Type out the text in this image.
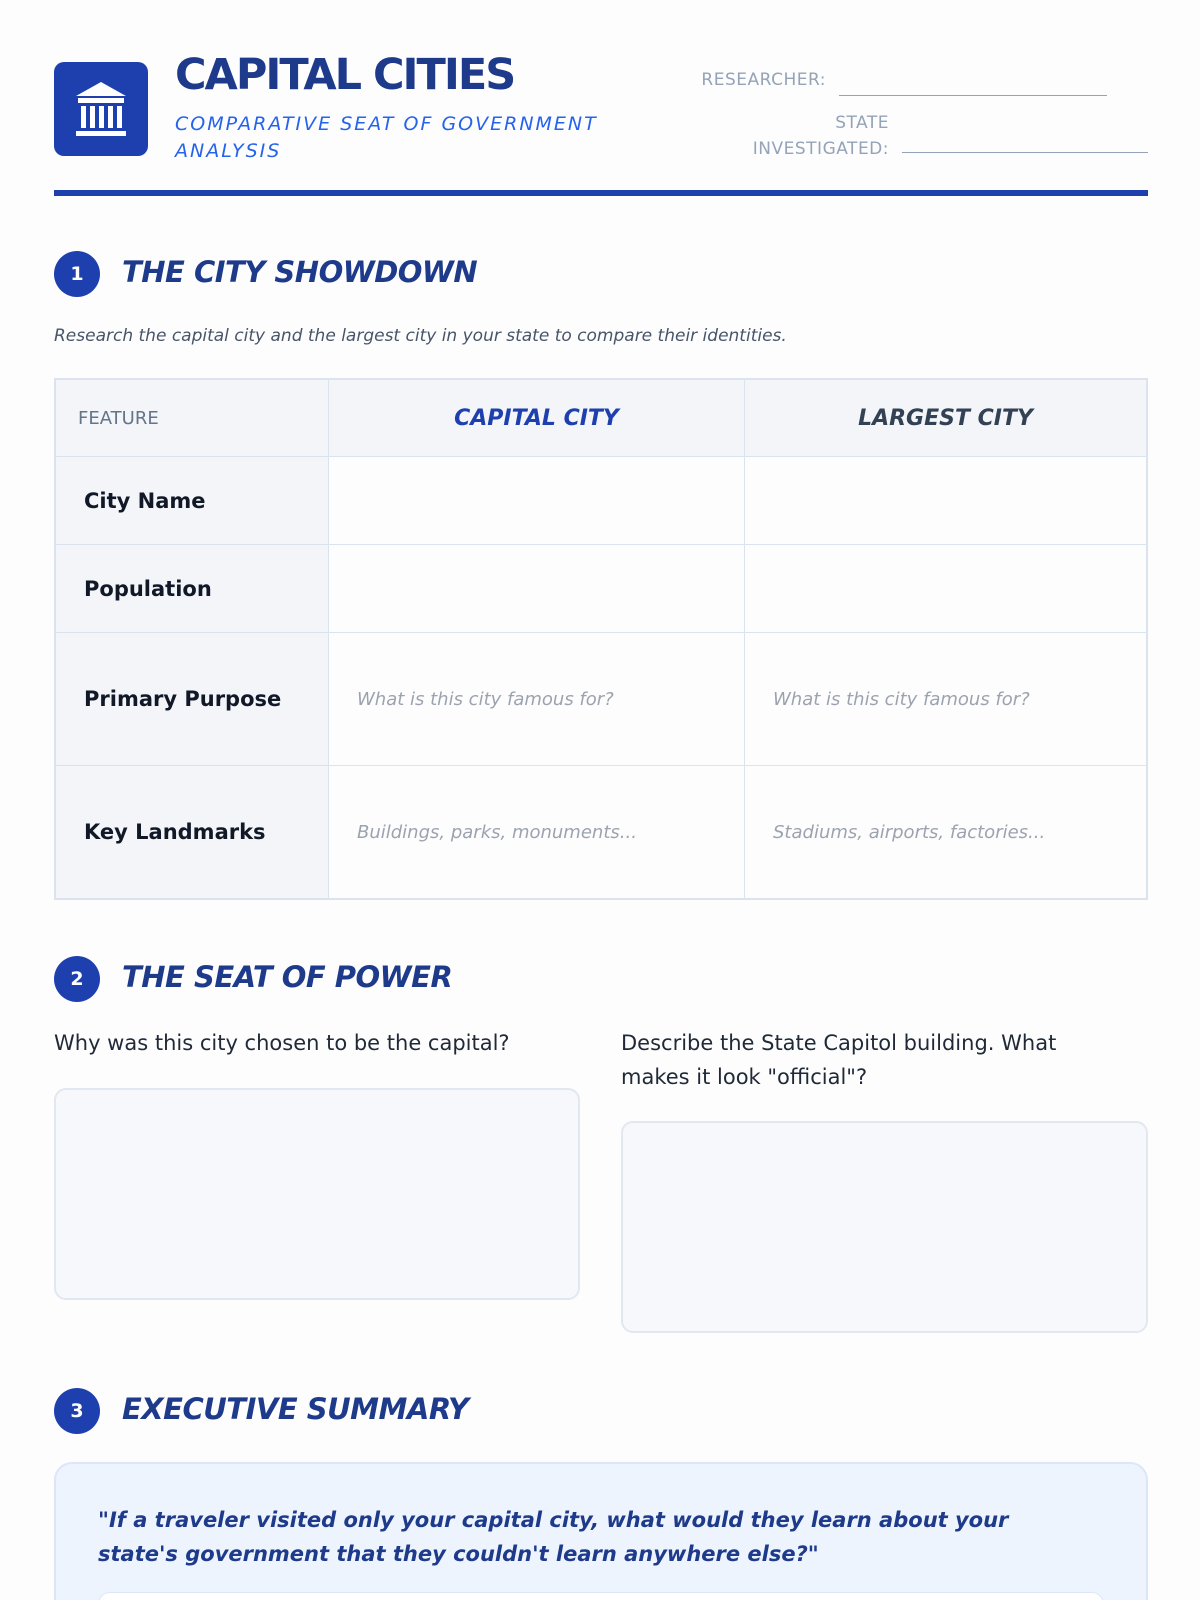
CAPITAL CITIES
COMPARATIVE SEAT OF GOVERNMENT ANALYSIS
RESEARCHER:
STATE
INVESTIGATED:
1	THE CITY SHOWDOWN
Research the capital city and the largest city in your state to compare their identities.
FEATURE	CAPITAL CITY	LARGEST CITY
City Name
Population
Primary Purpose	What is this city famous for?	What is this city famous for?
Key Landmarks	Buildings, parks, monuments...	Stadiums, airports, factories...
2	THE SEAT OF POWER
Why was this city chosen to be the capital?	Describe the State Capitol building. What makes it look "official"?
3	EXECUTIVE SUMMARY
"If a traveler visited only your capital city, what would they learn about your state's government that they couldn't learn anywhere else?"
